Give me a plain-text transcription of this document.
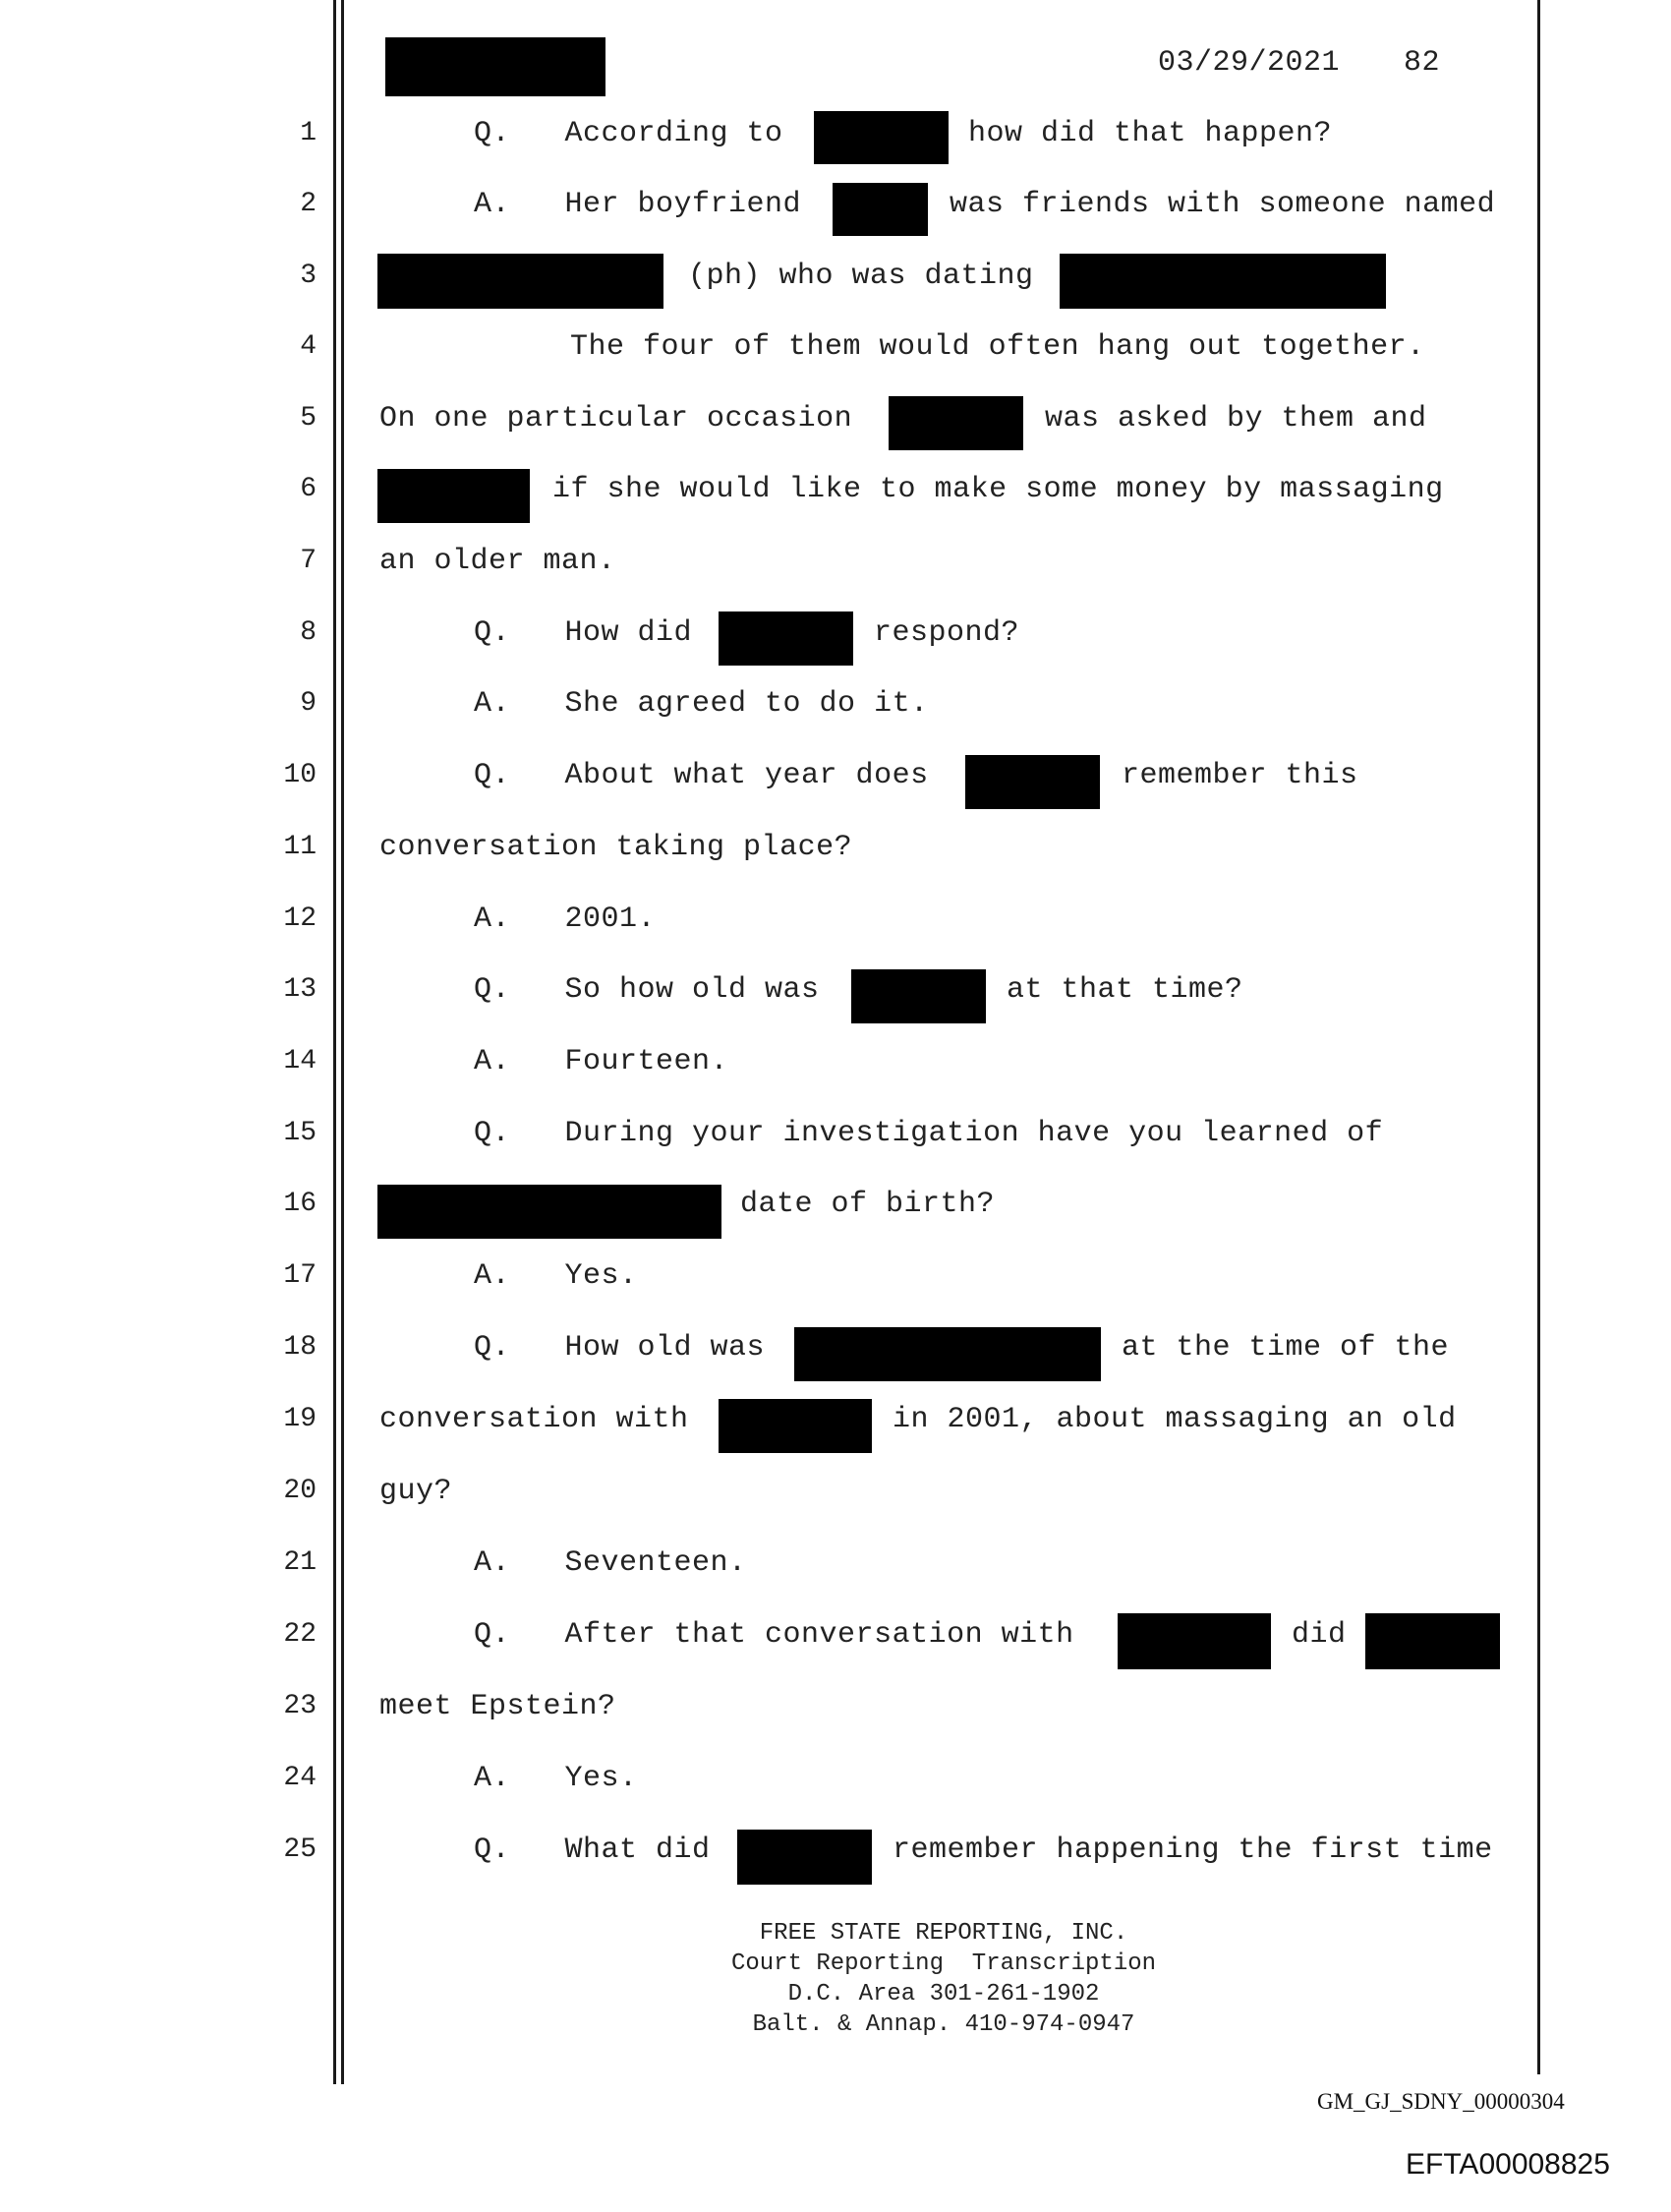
03/29/2021 82
1	Q.   According to	how did that happen?
2	A.   Her boyfriend	was friends with someone named
3	(ph) who was dating
4	The four of them would often hang out together.
5 On one particular occasion	was asked by them and
6	if she would like to make some money by massaging
7 an older man.
8	Q.   How did	respond?
9	A.   She agreed to do it.
10	Q.   About what year does	remember this
11 conversation taking place?
12	A.   2001.
13	Q.   So how old was	at that time?
14	A.   Fourteen.
15	Q.   During your investigation have you learned of
16	date of birth?
17	A.   Yes.
18	Q.   How old was	at the time of the
19 conversation with	in 2001, about massaging an old
20 guy?
21	A.   Seventeen.
22	Q.   After that conversation with	did
23 meet Epstein?
24	A.   Yes.
25	Q.   What did	remember happening the first time
FREE STATE REPORTING, INC.
Court Reporting  Transcription
D.C. Area 301-261-1902
Balt. & Annap. 410-974-0947
GM_GJ_SDNY_00000304
EFTA00008825
